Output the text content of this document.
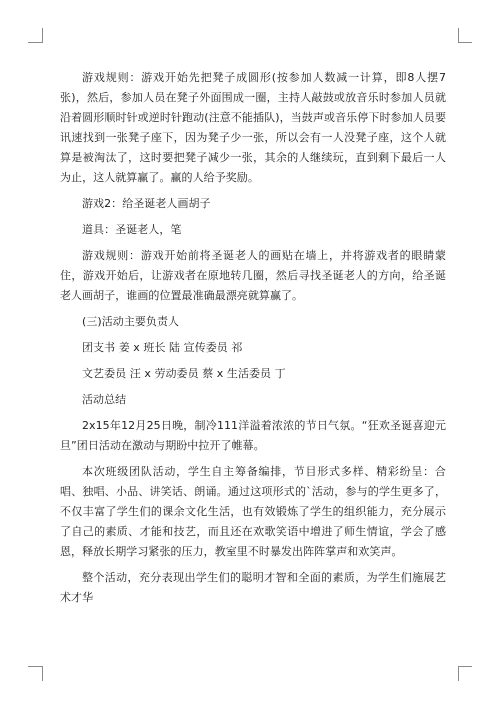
游戏规则：游戏开始先把凳子成圆形(按参加人数减一计算，即8人摆7张)，然后，参加人员在凳子外面围成一圈，主持人敲鼓或放音乐时参加人员就沿着圆形顺时针或逆时针跑动(注意不能插队)，当鼓声或音乐停下时参加人员要讯速找到一张凳子座下，因为凳子少一张，所以会有一人没凳子座，这个人就算是被淘汰了，这时要把凳子减少一张，其余的人继续玩，直到剩下最后一人为止，这人就算赢了。赢的人给予奖励。

游戏2：给圣诞老人画胡子

道具：圣诞老人，笔

游戏规则：游戏开始前将圣诞老人的画贴在墙上，并将游戏者的眼睛蒙住，游戏开始后，让游戏者在原地转几圈，然后寻找圣诞老人的方向，给圣诞老人画胡子，谁画的位置最准确最漂亮就算赢了。

(三)活动主要负责人

团支书 姜 x 班长 陆 宣传委员 祁

文艺委员 汪 x 劳动委员 蔡 x 生活委员 丁

活动总结

2x15年12月25日晚，制冷111洋溢着浓浓的节日气氛。“狂欢圣诞喜迎元旦”团日活动在激动与期盼中拉开了帷幕。

本次班级团队活动，学生自主筹备编排，节目形式多样、精彩纷呈：合唱、独唱、小品、讲笑话、朗诵。通过这项形式的`活动，参与的学生更多了，不仅丰富了学生们的课余文化生活，也有效锻炼了学生的组织能力，充分展示了自己的素质、才能和技艺，而且还在欢歌笑语中增进了师生情谊，学会了感恩，释放长期学习紧张的压力，教室里不时暴发出阵阵掌声和欢笑声。

整个活动，充分表现出学生们的聪明才智和全面的素质，为学生们施展艺术才华
